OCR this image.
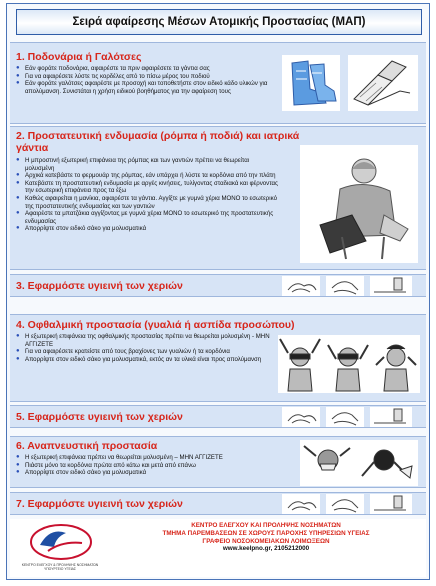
Σειρά αφαίρεσης Μέσων Ατομικής Προστασίας (ΜΑΠ)
1. Ποδονάρια ή Γαλότσες
● Εάν φοράτε ποδονάρια, αφαιρέστε τα πριν αφαιρέσετε τα γάντια σας
● Για να αφαιρέσετε λύστε τις κορδέλες από το πίσω μέρος του ποδιού
● Εάν φοράτε γαλότσες αφαιρέστε με προσοχή και τοποθετήστε στον ειδικό κάδο υλικών για απολύμανση. Συνιστάται η χρήση ειδικού βοηθήματος για την αφαίρεση τους
2. Προστατευτική ενδυμασία (ρόμπα ή ποδιά) και ιατρικά γάντια
● Η μπροστινή εξωτερική επιφάνεια της ρόμπας και των γαντιών πρέπει να θεωρείται μολυσμένη
● Αρχικά κατεβάστε το φερμουάρ της ρόμπας, εάν υπάρχει ή λύστε τα κορδόνια από την πλάτη
● Κατεβάστε τη προστατευτική ενδυμασία με αργές κινήσεις, τυλίγοντας σταδιακά και φέρνοντας την εσωτερική επιφάνεια προς τα έξω
● Καθώς αφαιρείται η μανίκια, αφαιρέστε τα γάντια. Αγγίξτε με γυμνά χέρια ΜΟΝΟ το εσωτερικό της προστατευτικής ενδυμασίας και των γαντιών
● Αφαιρέστε τα μπατζάκια αγγίζοντας με γυμνά χέρια ΜΟΝΟ το εσωτερικό της προστατευτικής ενδυμασίας
● Απορρίψτε στον ειδικό σάκο για μολυσματικά
3. Εφαρμόστε υγιεινή των χεριών
4. Οφθαλμική προστασία (γυαλιά ή ασπίδα προσώπου)
● Η εξωτερική επιφάνεια της οφθαλμικής προστασίας πρέπει να θεωρείται μολυσμένη - ΜΗΝ ΑΓΓΙΖΕΤΕ
● Για να αφαιρέσετε κρατείστε από τους βραχίονες των γυαλιών ή τα κορδόνια
● Απορρίψτε στον ειδικό σάκο για μολυσματικά, εκτός αν τα υλικά είναι προς απολύμανση
5. Εφαρμόστε υγιεινή των χεριών
6. Αναπνευστική προστασία
● Η εξωτερική επιφάνεια πρέπει να θεωρείται μολυσμένη – ΜΗΝ ΑΓΓΙΖΕΤΕ
● Πιάστε μόνο τα κορδόνια πρώτα από κάτω και μετά από επάνω
● Απορρίψτε στον ειδικό σάκο για μολυσματικά
7. Εφαρμόστε υγιεινή των χεριών
ΚΕΝΤΡΟ ΕΛΕΓΧΟΥ & ΠΡΟΛΗΨΗΣ ΝΟΣΗΜΑΤΩΝ ΥΠΟΥΡΓΕΙΟ ΥΓΕΙΑΣ
ΚΕΝΤΡΟ ΕΛΕΓΧΟΥ ΚΑΙ ΠΡΟΛΗΨΗΣ ΝΟΣΗΜΑΤΩΝ
ΤΜΗΜΑ ΠΑΡΕΜΒΑΣΕΩΝ ΣΕ ΧΩΡΟΥΣ ΠΑΡΟΧΗΣ ΥΠΗΡΕΣΙΩΝ ΥΓΕΙΑΣ
ΓΡΑΦΕΙΟ ΝΟΣΟΚΟΜΕΙΑΚΩΝ ΛΟΙΜΩΞΕΩΝ
www.keelpno.gr, 2105212000
